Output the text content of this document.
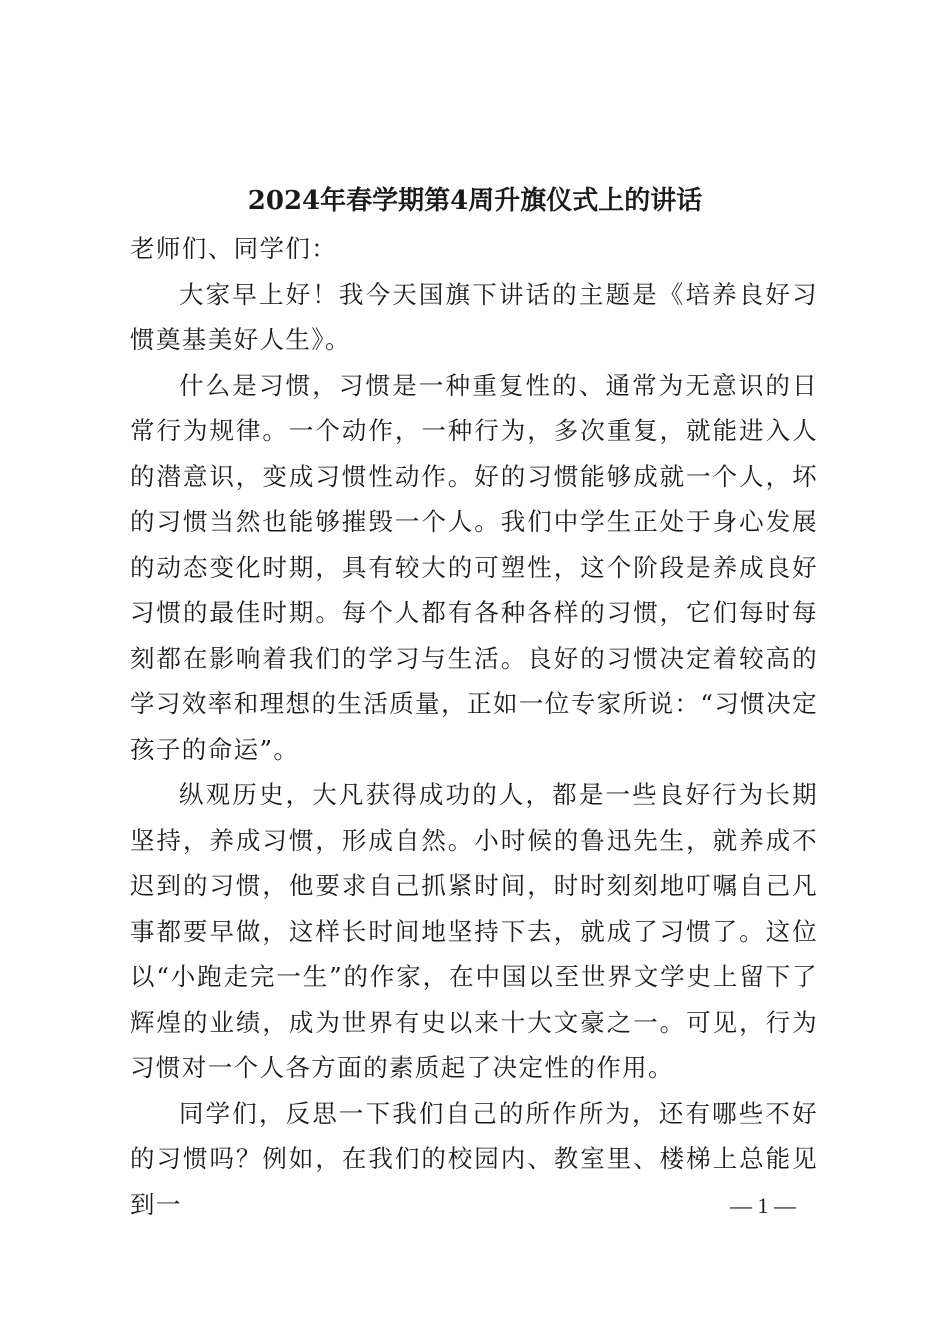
2024年春学期第4周升旗仪式上的讲话

老师们、同学们：

大家早上好！我今天国旗下讲话的主题是《培养良好习惯奠基美好人生》。

什么是习惯，习惯是一种重复性的、通常为无意识的日常行为规律。一个动作，一种行为，多次重复，就能进入人的潜意识，变成习惯性动作。好的习惯能够成就一个人，坏的习惯当然也能够摧毁一个人。我们中学生正处于身心发展的动态变化时期，具有较大的可塑性，这个阶段是养成良好习惯的最佳时期。每个人都有各种各样的习惯，它们每时每刻都在影响着我们的学习与生活。良好的习惯决定着较高的学习效率和理想的生活质量，正如一位专家所说：“习惯决定孩子的命运”。

纵观历史，大凡获得成功的人，都是一些良好行为长期坚持，养成习惯，形成自然。小时候的鲁迅先生，就养成不迟到的习惯，他要求自己抓紧时间，时时刻刻地叮嘱自己凡事都要早做，这样长时间地坚持下去，就成了习惯了。这位以“小跑走完一生”的作家，在中国以至世界文学史上留下了辉煌的业绩，成为世界有史以来十大文豪之一。可见，行为习惯对一个人各方面的素质起了决定性的作用。

同学们，反思一下我们自己的所作所为，还有哪些不好的习惯吗？例如，在我们的校园内、教室里、楼梯上总能见到一	— 1 —
